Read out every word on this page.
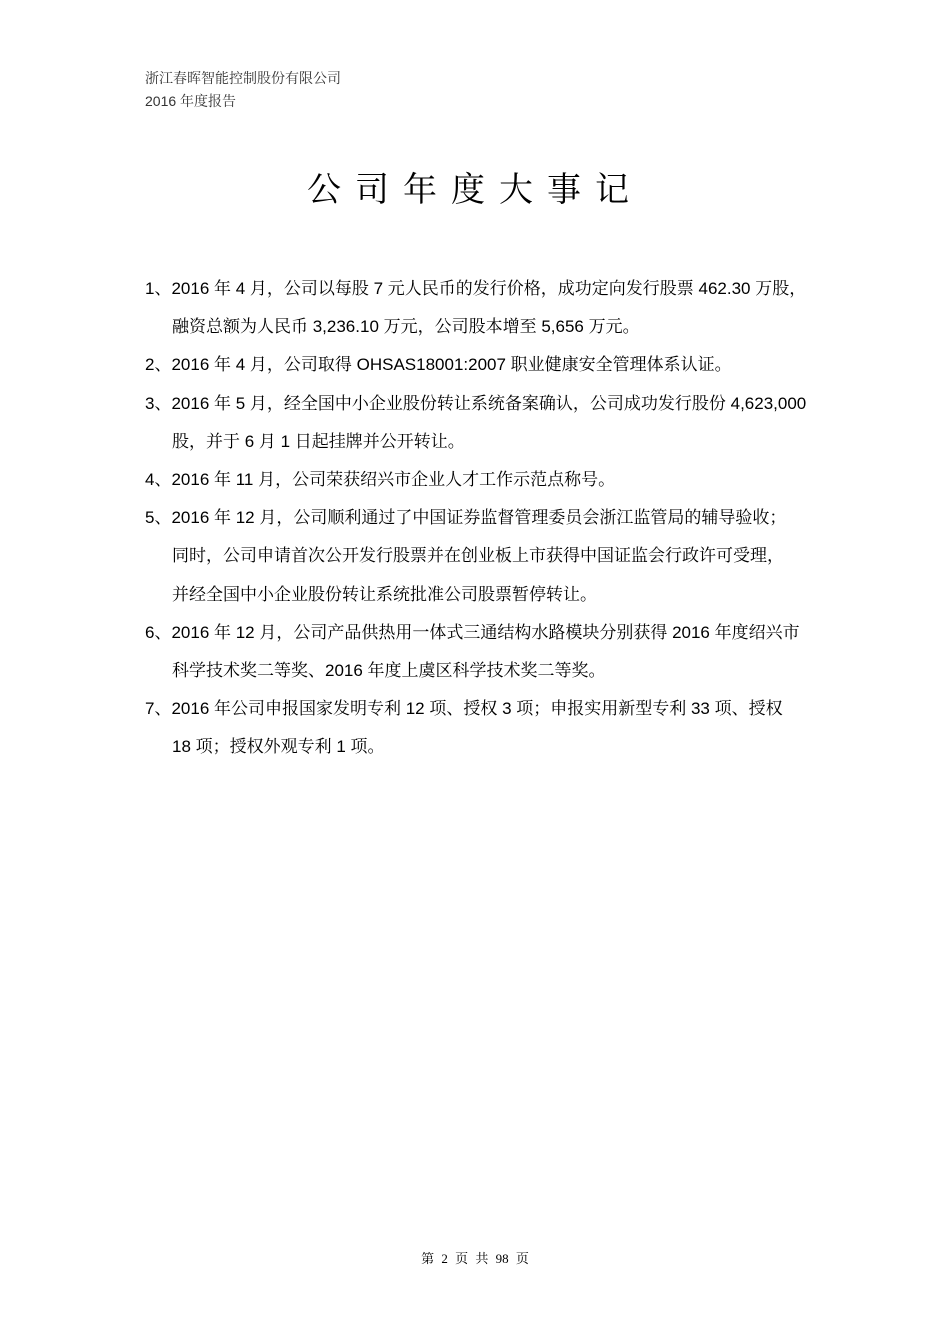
浙江春晖智能控制股份有限公司
2016 年度报告
公司年度大事记
1、2016 年 4 月，公司以每股 7 元人民币的发行价格，成功定向发行股票 462.30 万股，
融资总额为人民币 3,236.10 万元，公司股本增至 5,656 万元。
2、2016 年 4 月，公司取得 OHSAS18001:2007 职业健康安全管理体系认证。
3、2016 年 5 月，经全国中小企业股份转让系统备案确认，公司成功发行股份 4,623,000
股，并于 6 月 1 日起挂牌并公开转让。
4、2016 年 11 月，公司荣获绍兴市企业人才工作示范点称号。
5、2016 年 12 月，公司顺利通过了中国证券监督管理委员会浙江监管局的辅导验收；
同时，公司申请首次公开发行股票并在创业板上市获得中国证监会行政许可受理，
并经全国中小企业股份转让系统批准公司股票暂停转让。
6、2016 年 12 月，公司产品供热用一体式三通结构水路模块分别获得 2016 年度绍兴市
科学技术奖二等奖、2016 年度上虞区科学技术奖二等奖。
7、2016 年公司申报国家发明专利 12 项、授权 3 项；申报实用新型专利 33 项、授权
18 项；授权外观专利 1 项。
第 2 页 共 98 页
